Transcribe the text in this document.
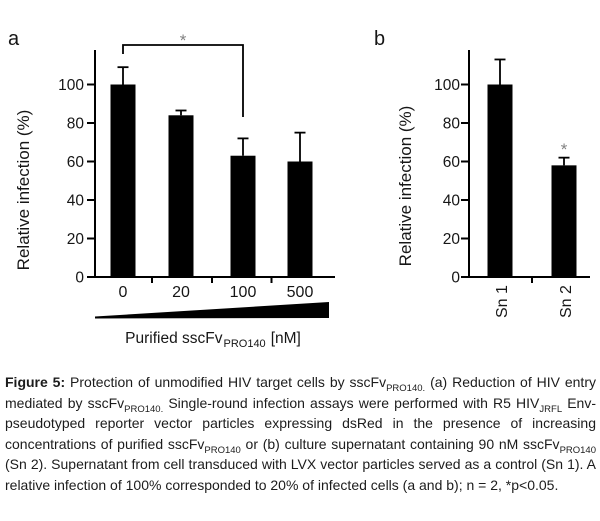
0
20
40
60
80
100
0	20 100 500
Relative infection (%)
a	*
Purified sscFv$_{PRO140}$ [nM]
0
20
40
60
80
100
Sn 1	Sn 2
Relative infection (%)
b
*

Figure 5: Protection of unmodified HIV target cells by sscFv$_{PRO140.}$ (a) Reduction of HIV entry mediated by sscFv$_{PRO140.}$ Single-round infection assays were performed with R5 $HIV_{JRFL}$ Env-pseudotyped reporter vector particles expressing dsRed in the presence of increasing concentrations of purified sscFv$_{PRO140}$ or (b) culture supernatant containing 90 nM sscFv$_{PRO140}$ (Sn 2). Supernatant from cell transduced with LVX vector particles served as a control (Sn 1). A relative infection of 100% corresponded to 20% of infected cells (a and b); n = 2, *p<0.05.
